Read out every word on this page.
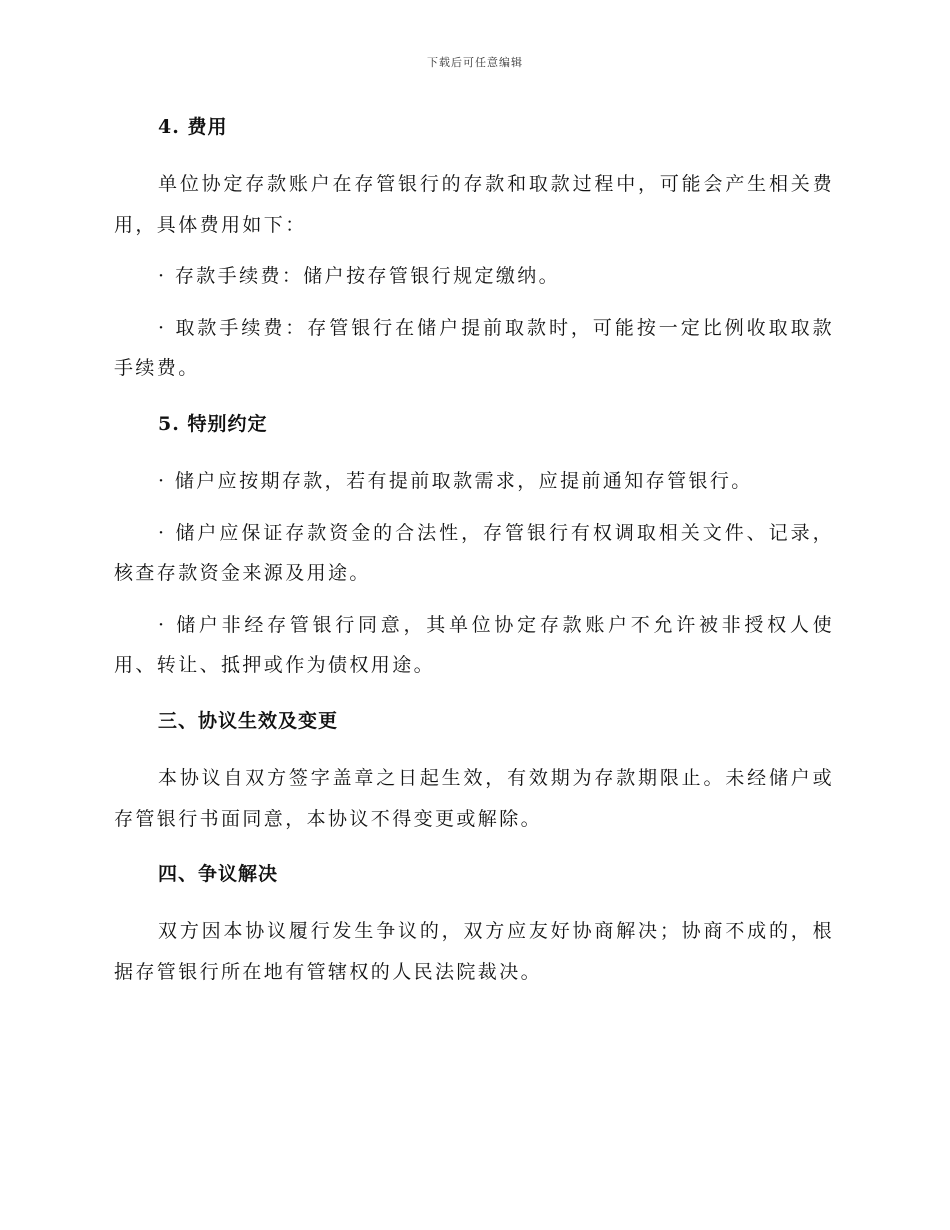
下载后可任意编辑
4. 费用

单位协定存款账户在存管银行的存款和取款过程中，可能会产生相关费用，具体费用如下：

· 存款手续费：储户按存管银行规定缴纳。

· 取款手续费：存管银行在储户提前取款时，可能按一定比例收取取款手续费。

5. 特别约定

· 储户应按期存款，若有提前取款需求，应提前通知存管银行。

· 储户应保证存款资金的合法性，存管银行有权调取相关文件、记录，核查存款资金来源及用途。

· 储户非经存管银行同意，其单位协定存款账户不允许被非授权人使用、转让、抵押或作为债权用途。

三、协议生效及变更

本协议自双方签字盖章之日起生效，有效期为存款期限止。未经储户或存管银行书面同意，本协议不得变更或解除。

四、争议解决

双方因本协议履行发生争议的，双方应友好协商解决；协商不成的，根据存管银行所在地有管辖权的人民法院裁决。
